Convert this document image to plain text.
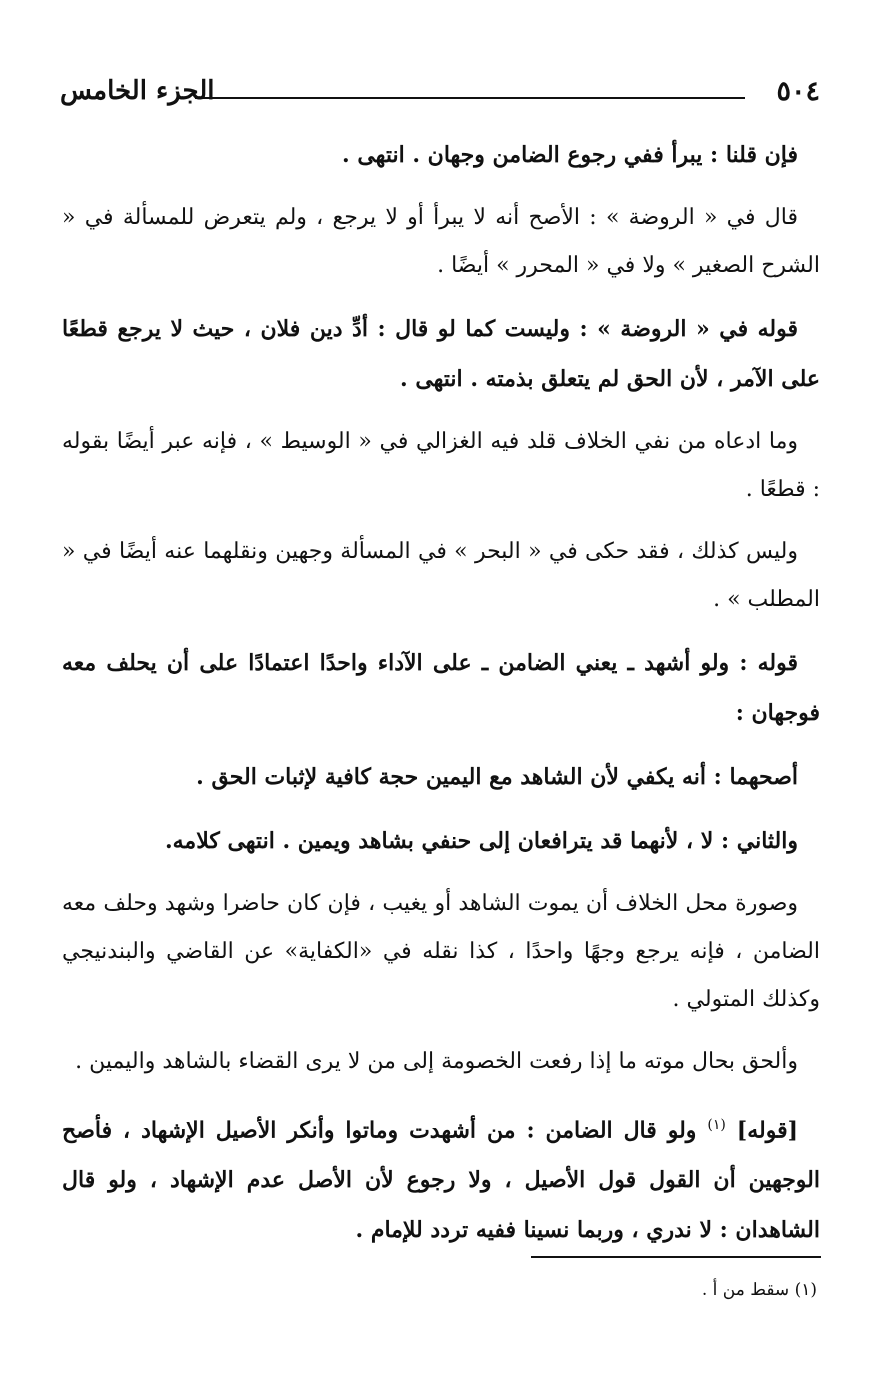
٥٠٤
الجزء الخامس

فإن قلنا : يبرأ ففي رجوع الضامن وجهان . انتهى .

قال في « الروضة » : الأصح أنه لا يبرأ أو لا يرجع ، ولم يتعرض للمسألة في « الشرح الصغير » ولا في « المحرر » أيضًا .

قوله في « الروضة » : وليست كما لو قال : أدِّ دين فلان ، حيث لا يرجع قطعًا على الآمر ، لأن الحق لم يتعلق بذمته . انتهى .

وما ادعاه من نفي الخلاف قلد فيه الغزالي في « الوسيط » ، فإنه عبر أيضًا بقوله : قطعًا .

وليس كذلك ، فقد حكى في « البحر » في المسألة وجهين ونقلهما عنه أيضًا في « المطلب » .

قوله : ولو أشهد ـ يعني الضامن ـ على الآداء واحدًا اعتمادًا على أن يحلف معه فوجهان :

أصحهما : أنه يكفي لأن الشاهد مع اليمين حجة كافية لإثبات الحق .

والثاني : لا ، لأنهما قد يترافعان إلى حنفي بشاهد ويمين . انتهى كلامه.

وصورة محل الخلاف أن يموت الشاهد أو يغيب ، فإن كان حاضرا وشهد وحلف معه الضامن ، فإنه يرجع وجهًا واحدًا ، كذا نقله في «الكفاية» عن القاضي والبندنيجي وكذلك المتولي .

وألحق بحال موته ما إذا رفعت الخصومة إلى من لا يرى القضاء بالشاهد واليمين .

[قوله] $^{(١)}$ ولو قال الضامن : من أشهدت وماتوا وأنكر الأصيل الإشهاد ، فأصح الوجهين أن القول قول الأصيل ، ولا رجوع لأن الأصل عدم الإشهاد ، ولو قال الشاهدان : لا ندري ، وربما نسينا ففيه تردد للإمام .

(١) سقط من أ .
